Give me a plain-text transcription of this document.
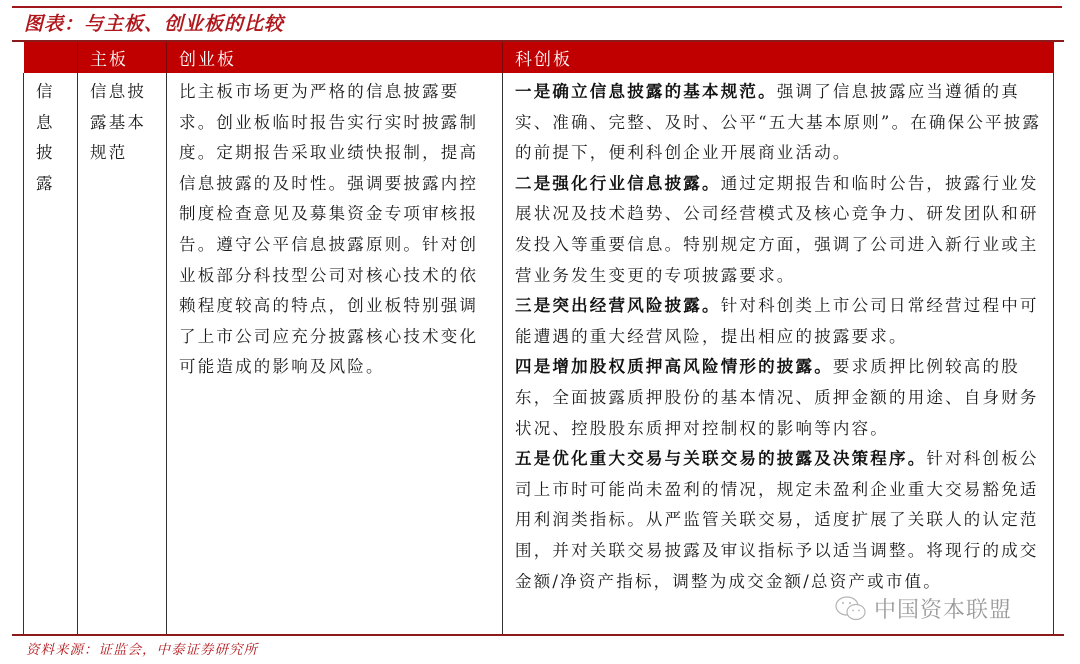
图表：与主板、创业板的比较
	主板	创业板	科创板

信息披露	信息披露基本规范	比主板市场更为严格的信息披露要求。创业板临时报告实行实时披露制度。定期报告采取业绩快报制，提高信息披露的及时性。强调要披露内控制度检查意见及募集资金专项审核报告。遵守公平信息披露原则。针对创业板部分科技型公司对核心技术的依赖程度较高的特点，创业板特别强调了上市公司应充分披露核心技术变化可能造成的影响及风险。	一是确立信息披露的基本规范。强调了信息披露应当遵循的真实、准确、完整、及时、公平“五大基本原则”。在确保公平披露的前提下，便利科创企业开展商业活动。

二是强化行业信息披露。通过定期报告和临时公告，披露行业发展状况及技术趋势、公司经营模式及核心竞争力、研发团队和研发投入等重要信息。特别规定方面，强调了公司进入新行业或主营业务发生变更的专项披露要求。

三是突出经营风险披露。针对科创类上市公司日常经营过程中可能遭遇的重大经营风险，提出相应的披露要求。

四是增加股权质押高风险情形的披露。要求质押比例较高的股东，全面披露质押股份的基本情况、质押金额的用途、自身财务状况、控股股东质押对控制权的影响等内容。

五是优化重大交易与关联交易的披露及决策程序。针对科创板公司上市时可能尚未盈利的情况，规定未盈利企业重大交易豁免适用利润类指标。从严监管关联交易，适度扩展了关联人的认定范围，并对关联交易披露及审议指标予以适当调整。将现行的成交金额/净资产指标，调整为成交金额/总资产或市值。

中国资本联盟
资料来源：证监会，中泰证券研究所
